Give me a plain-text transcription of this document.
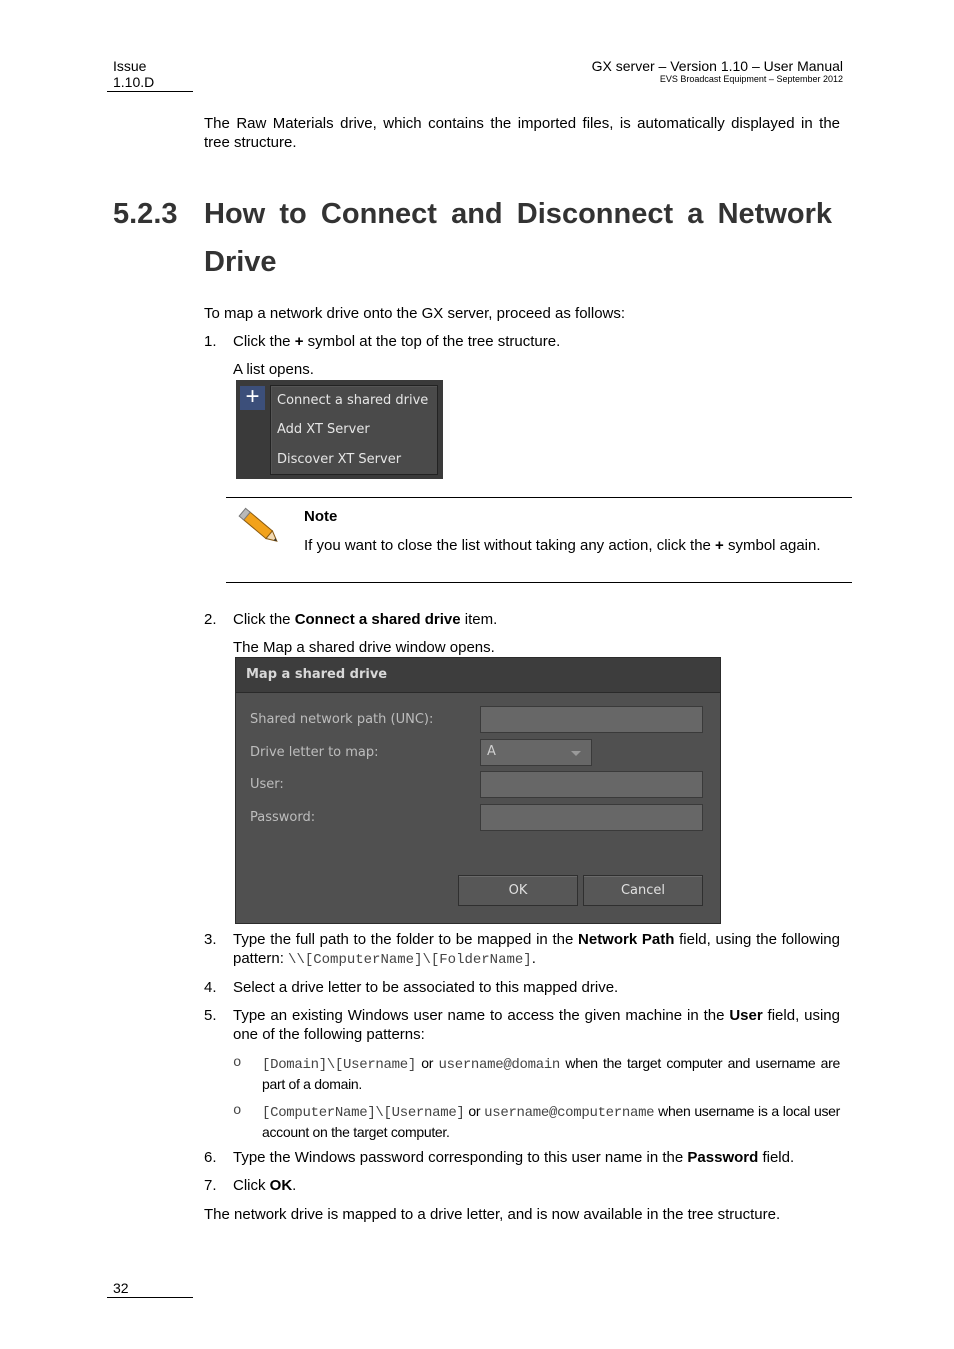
Issue
1.10.D
GX server – Version 1.10 – User Manual
EVS Broadcast Equipment – September 2012
The Raw Materials drive, which contains the imported files, is automatically displayed in the tree structure.
5.2.3 How to Connect and Disconnect a Network Drive
To map a network drive onto the GX server, proceed as follows:
1. Click the + symbol at the top of the tree structure.
A list opens.
+	Connect a shared drive
Add XT Server
Discover XT Server
Note
If you want to close the list without taking any action, click the + symbol again.
2. Click the Connect a shared drive item.
The Map a shared drive window opens.
Map a shared drive
Shared network path (UNC):
Drive letter to map:	A
User:
Password:
OK	Cancel
3. Type the full path to the folder to be mapped in the Network Path field, using the following pattern: \\[ComputerName]\[FolderName].
4. Select a drive letter to be associated to this mapped drive.
5. Type an existing Windows user name to access the given machine in the User field, using one of the following patterns:
o [Domain]\[Username] or username@domain when the target computer and username are part of a domain.
o [ComputerName]\[Username] or username@computername when username is a local user account on the target computer.
6. Type the Windows password corresponding to this user name in the Password field.
7. Click OK.
The network drive is mapped to a drive letter, and is now available in the tree structure.
32
